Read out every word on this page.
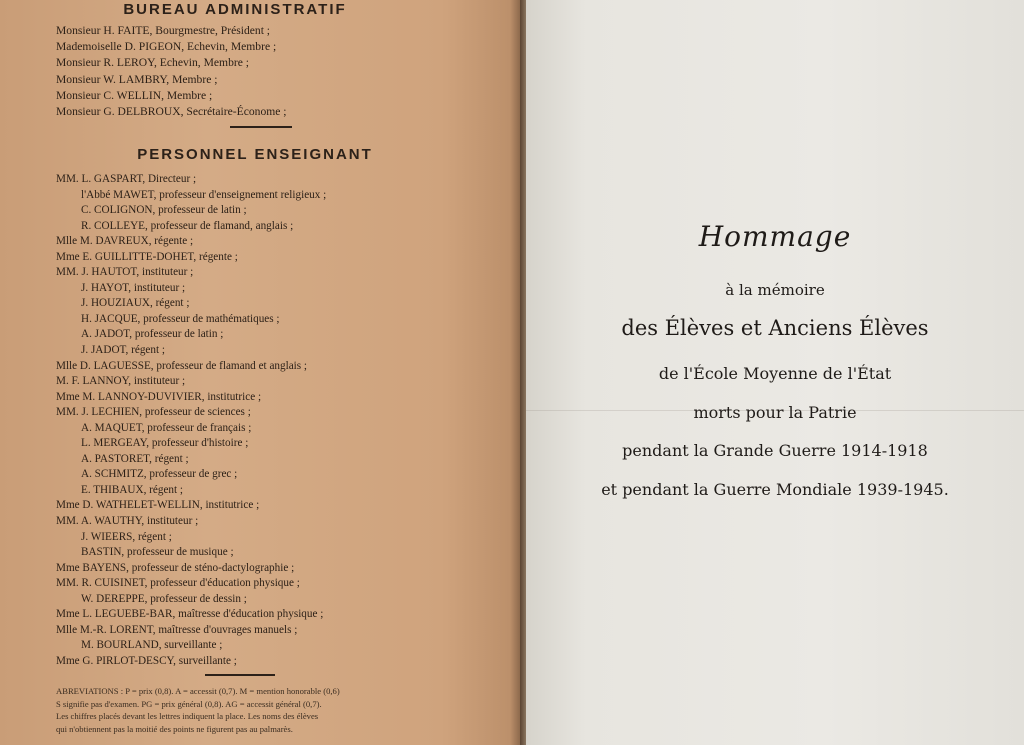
BUREAU ADMINISTRATIF
Monsieur H. FAITE, Bourgmestre, Président ;
Mademoiselle D. PIGEON, Echevin, Membre ;
Monsieur R. LEROY, Echevin, Membre ;
Monsieur W. LAMBRY, Membre ;
Monsieur C. WELLIN, Membre ;
Monsieur G. DELBROUX, Secrétaire-Économe ;
PERSONNEL ENSEIGNANT
MM. L. GASPART, Directeur ;
l'Abbé MAWET, professeur d'enseignement religieux ;
C. COLIGNON, professeur de latin ;
R. COLLEYE, professeur de flamand, anglais ;
Mlle M. DAVREUX, régente ;
Mme E. GUILLITTE-DOHET, régente ;
MM. J. HAUTOT, instituteur ;
J. HAYOT, instituteur ;
J. HOUZIAUX, régent ;
H. JACQUE, professeur de mathématiques ;
A. JADOT, professeur de latin ;
J. JADOT, régent ;
Mlle D. LAGUESSE, professeur de flamand et anglais ;
M. F. LANNOY, instituteur ;
Mme M. LANNOY-DUVIVIER, institutrice ;
MM. J. LECHIEN, professeur de sciences ;
A. MAQUET, professeur de français ;
L. MERGEAY, professeur d'histoire ;
A. PASTORET, régent ;
A. SCHMITZ, professeur de grec ;
E. THIBAUX, régent ;
Mme D. WATHELET-WELLIN, institutrice ;
MM. A. WAUTHY, instituteur ;
J. WIEERS, régent ;
BASTIN, professeur de musique ;
Mme BAYENS, professeur de sténo-dactylographie ;
MM. R. CUISINET, professeur d'éducation physique ;
W. DEREPPE, professeur de dessin ;
Mme L. LEGUEBE-BAR, maîtresse d'éducation physique ;
Mlle M.-R. LORENT, maîtresse d'ouvrages manuels ;
M. BOURLAND, surveillante ;
Mme G. PIRLOT-DESCY, surveillante ;
ABREVIATIONS : P = prix (0,8). A = accessit (0,7). M = mention honorable (0,6)
S signifie pas d'examen. PG = prix général (0,8). AG = accessit général (0,7).
Les chiffres placés devant les lettres indiquent la place. Les noms des élèves
qui n'obtiennent pas la moitié des points ne figurent pas au palmarès.
Hommage
à la mémoire
des Élèves et Anciens Élèves
de l'École Moyenne de l'État
morts pour la Patrie
pendant la Grande Guerre 1914-1918
et pendant la Guerre Mondiale 1939-1945.
